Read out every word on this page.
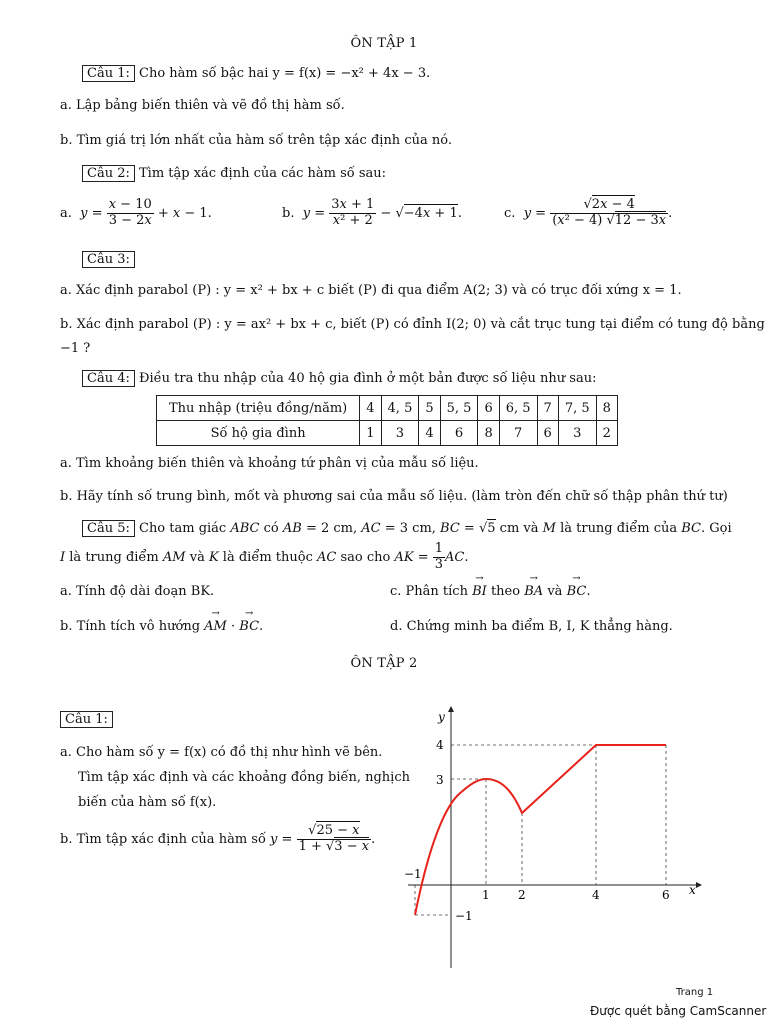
ÔN TẬP 1
Câu 1: Cho hàm số bậc hai y = f(x) = −x² + 4x − 3.
a. Lập bảng biến thiên và vẽ đồ thị hàm số.
b. Tìm giá trị lớn nhất của hàm số trên tập xác định của nó.
Câu 2: Tìm tập xác định của các hàm số sau:
a. $y = \frac{x - 10}{3 - 2x} + x - 1$.	b. $y = \frac{3x + 1}{\text{x² + 2}} - √-4x + 1$.	c. $y = \frac{√2x - 4}{\text{(x² − 4) √12 − 3x}}$ .
Câu 3:
a. Xác định parabol (P) : y = x² + bx + c biết (P) đi qua điểm A(2; 3) và có trục đối xứng x = 1.
b. Xác định parabol (P) : y = ax² + bx + c, biết (P) có đỉnh I(2; 0) và cắt trục tung tại điểm có tung độ bằng
−1 ?
Câu 4: Điều tra thu nhập của 40 hộ gia đình ở một bản được số liệu như sau:
Thu nhập (triệu đồng/năm)	4	4, 5	5	5, 5	6	6, 5	7	7, 5	8
Số hộ gia đình	1	3	4	6	8	7	6	3	2
a. Tìm khoảng biến thiên và khoảng tứ phân vị của mẫu số liệu.
b. Hãy tính số trung bình, mốt và phương sai của mẫu số liệu. (làm tròn đến chữ số thập phân thứ tư)
Câu 5: Cho tam giác ABC có AB = 2 cm, AC = 3 cm, BC = √5 cm và M là trung điểm của BC. Gọi
I là trung điểm AM và K là điểm thuộc AC sao cho AK = $\frac{1}{3}$ AC.
a. Tính độ dài đoạn BK.	c. Phân tích → BI theo → BA và → BC.
b. Tính tích vô hướng → AM · → BC.	d. Chứng minh ba điểm B, I, K thẳng hàng.
ÔN TẬP 2
Câu 1:
a. Cho hàm số y = f(x) có đồ thị như hình vẽ bên.
Tìm tập xác định và các khoảng đồng biến, nghịch
biến của hàm số f(x).
b. Tìm tập xác định của hàm số $y = \frac{√25 - x}{1 + √3 - x}$ .
y
x
4
3
−1
−1
1 2	4	6
Trang 1
Được quét bằng CamScanner
